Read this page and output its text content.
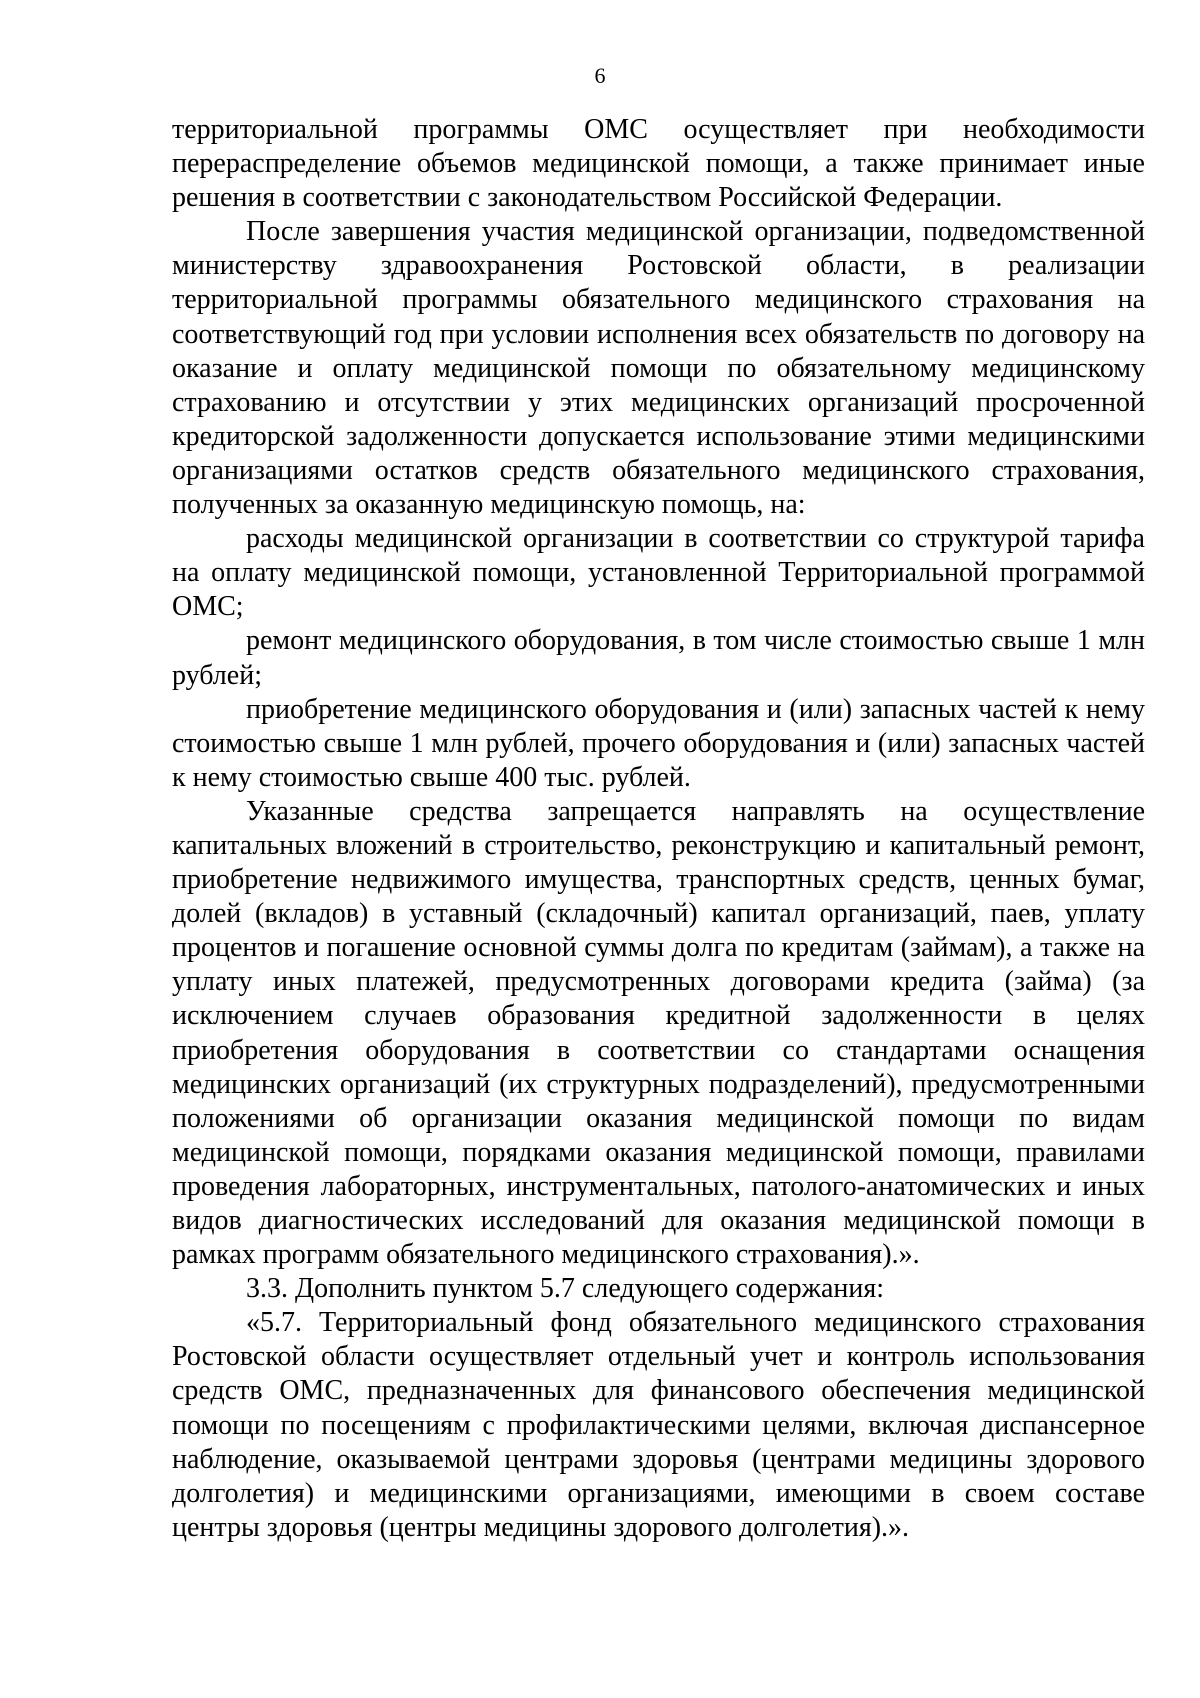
6

территориальной программы ОМС осуществляет при необходимости перераспределение объемов медицинской помощи, а также принимает иные решения в соответствии с законодательством Российской Федерации.

После завершения участия медицинской организации, подведомственной министерству здравоохранения Ростовской области, в реализации территориальной программы обязательного медицинского страхования на соответствующий год при условии исполнения всех обязательств по договору на оказание и оплату медицинской помощи по обязательному медицинскому страхованию и отсутствии у этих медицинских организаций просроченной кредиторской задолженности допускается использование этими медицинскими организациями остатков средств обязательного медицинского страхования, полученных за оказанную медицинскую помощь, на:

расходы медицинской организации в соответствии со структурой тарифа на оплату медицинской помощи, установленной Территориальной программой ОМС;

ремонт медицинского оборудования, в том числе стоимостью свыше 1 млн рублей;

приобретение медицинского оборудования и (или) запасных частей к нему стоимостью свыше 1 млн рублей, прочего оборудования и (или) запасных частей к нему стоимостью свыше 400 тыс. рублей.

Указанные средства запрещается направлять на осуществление капитальных вложений в строительство, реконструкцию и капитальный ремонт, приобретение недвижимого имущества, транспортных средств, ценных бумаг, долей (вкладов) в уставный (складочный) капитал организаций, паев, уплату процентов и погашение основной суммы долга по кредитам (займам), а также на уплату иных платежей, предусмотренных договорами кредита (займа) (за исключением случаев образования кредитной задолженности в целях приобретения оборудования в соответствии со стандартами оснащения медицинских организаций (их структурных подразделений), предусмотренными положениями об организации оказания медицинской помощи по видам медицинской помощи, порядками оказания медицинской помощи, правилами проведения лабораторных, инструментальных, патолого-анатомических и иных видов диагностических исследований для оказания медицинской помощи в рамках программ обязательного медицинского страхования).».

3.3. Дополнить пунктом 5.7 следующего содержания:

«5.7. Территориальный фонд обязательного медицинского страхования Ростовской области осуществляет отдельный учет и контроль использования средств ОМС, предназначенных для финансового обеспечения медицинской помощи по посещениям с профилактическими целями, включая диспансерное наблюдение, оказываемой центрами здоровья (центрами медицины здорового долголетия) и медицинскими организациями, имеющими в своем составе центры здоровья (центры медицины здорового долголетия).».
